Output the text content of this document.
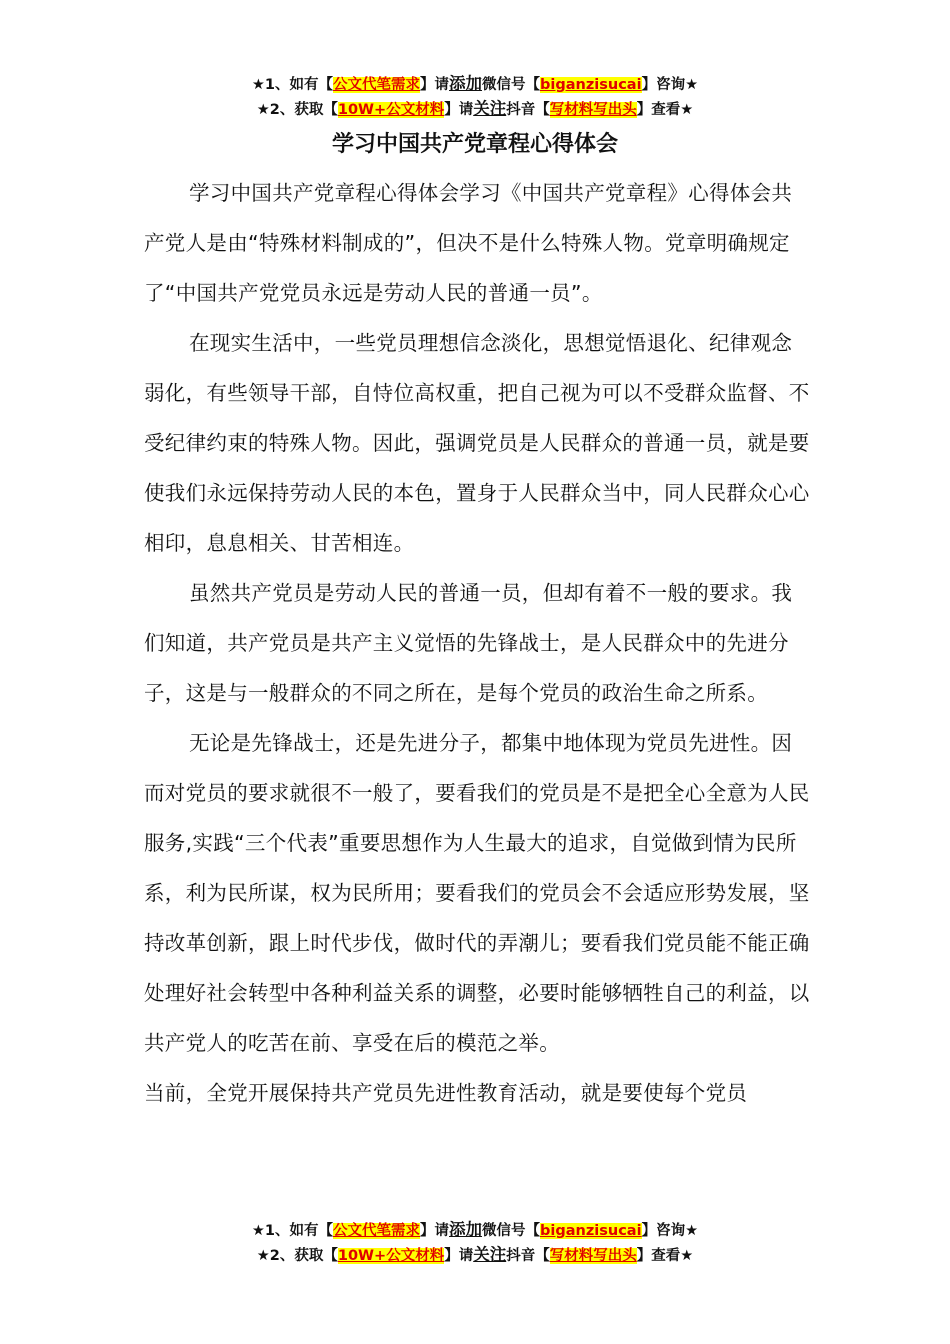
★1、如有【公文代笔需求】请添加微信号【biganzisucai】咨询★
★2、获取【10W+公文材料】请关注抖音【写材料写出头】查看★
学习中国共产党章程心得体会

学习中国共产党章程心得体会学习《中国共产党章程》心得体会共产党人是由“特殊材料制成的”，但决不是什么特殊人物。党章明确规定了“中国共产党党员永远是劳动人民的普通一员”。

在现实生活中，一些党员理想信念淡化，思想觉悟退化、纪律观念弱化，有些领导干部，自恃位高权重，把自己视为可以不受群众监督、不受纪律约束的特殊人物。因此，强调党员是人民群众的普通一员，就是要使我们永远保持劳动人民的本色，置身于人民群众当中，同人民群众心心相印，息息相关、甘苦相连。

虽然共产党员是劳动人民的普通一员，但却有着不一般的要求。我们知道，共产党员是共产主义觉悟的先锋战士，是人民群众中的先进分子，这是与一般群众的不同之所在，是每个党员的政治生命之所系。

无论是先锋战士，还是先进分子，都集中地体现为党员先进性。因而对党员的要求就很不一般了，要看我们的党员是不是把全心全意为人民服务,实践“三个代表”重要思想作为人生最大的追求，自觉做到情为民所系，利为民所谋，权为民所用；要看我们的党员会不会适应形势发展，坚持改革创新，跟上时代步伐，做时代的弄潮儿；要看我们党员能不能正确处理好社会转型中各种利益关系的调整，必要时能够牺牲自己的利益，以共产党人的吃苦在前、享受在后的模范之举。

当前，全党开展保持共产党员先进性教育活动，就是要使每个党员

★1、如有【公文代笔需求】请添加微信号【biganzisucai】咨询★
★2、获取【10W+公文材料】请关注抖音【写材料写出头】查看★
